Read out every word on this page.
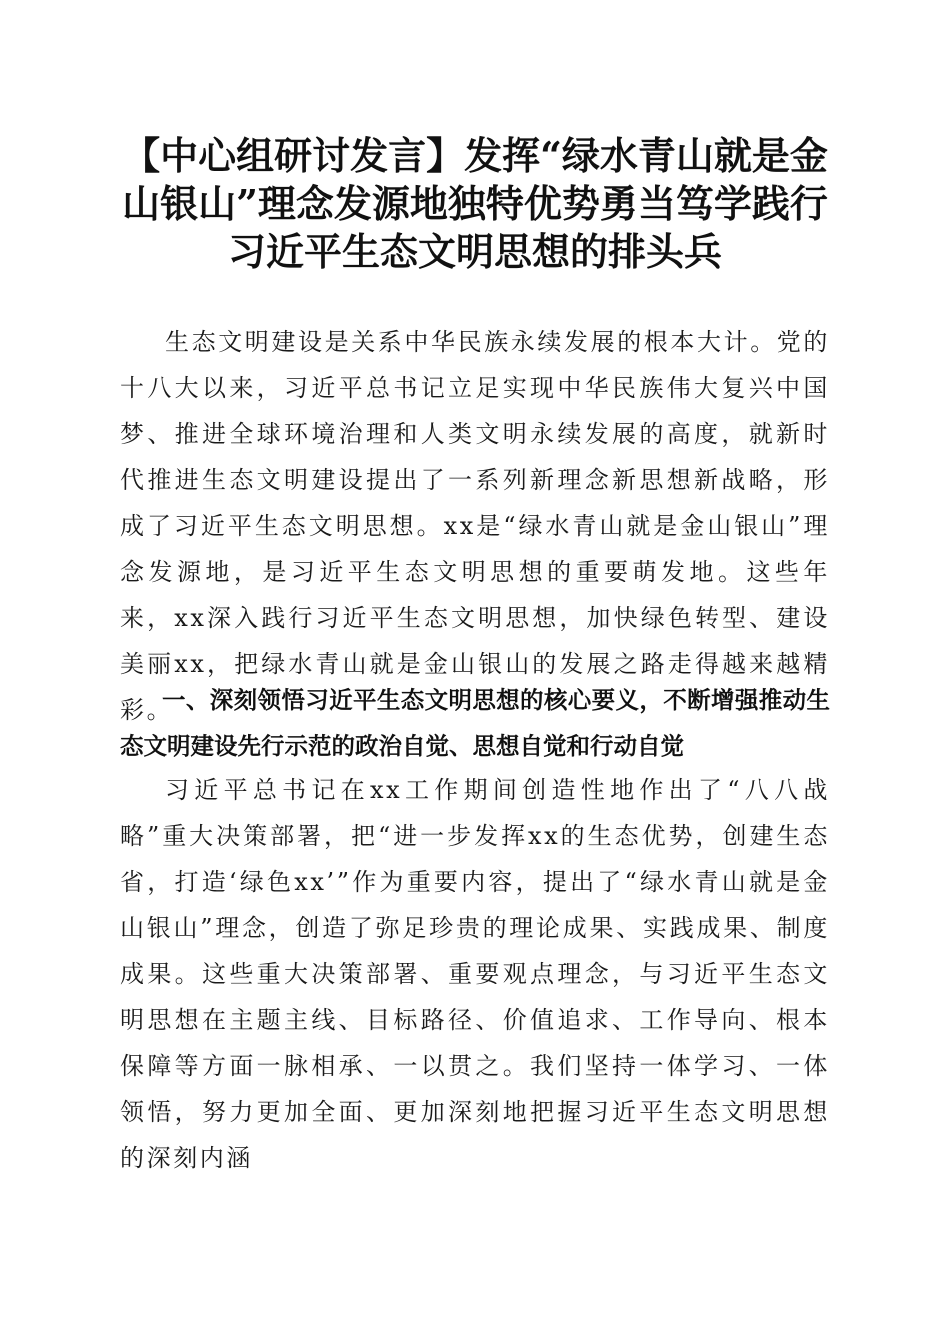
【中心组研讨发言】发挥“绿水青山就是金山银山”理念发源地独特优势勇当笃学践行习近平生态文明思想的排头兵

生态文明建设是关系中华民族永续发展的根本大计。党的十八大以来，习近平总书记立足实现中华民族伟大复兴中国梦、推进全球环境治理和人类文明永续发展的高度，就新时代推进生态文明建设提出了一系列新理念新思想新战略，形成了习近平生态文明思想。xx是“绿水青山就是金山银山”理念发源地，是习近平生态文明思想的重要萌发地。这些年来，xx深入践行习近平生态文明思想，加快绿色转型、建设美丽xx，把绿水青山就是金山银山的发展之路走得越来越精彩。

一、深刻领悟习近平生态文明思想的核心要义，不断增强推动生态文明建设先行示范的政治自觉、思想自觉和行动自觉

习近平总书记在xx工作期间创造性地作出了“八八战略”重大决策部署，把“进一步发挥xx的生态优势，创建生态省，打造‘绿色xx’”作为重要内容，提出了“绿水青山就是金山银山”理念，创造了弥足珍贵的理论成果、实践成果、制度成果。这些重大决策部署、重要观点理念，与习近平生态文明思想在主题主线、目标路径、价值追求、工作导向、根本保障等方面一脉相承、一以贯之。我们坚持一体学习、一体领悟，努力更加全面、更加深刻地把握习近平生态文明思想的深刻内涵
